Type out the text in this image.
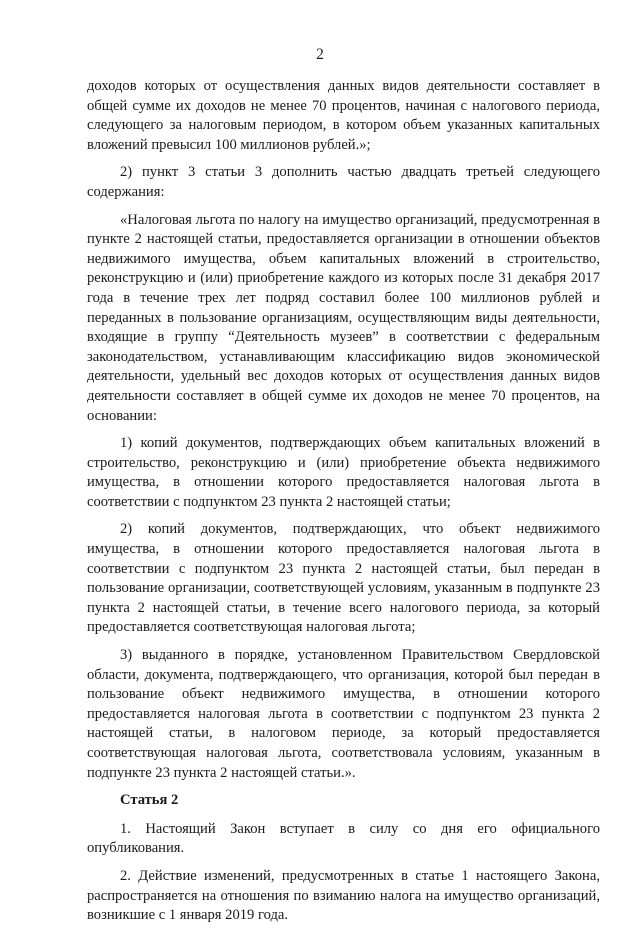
2

доходов которых от осуществления данных видов деятельности составляет в общей сумме их доходов не менее 70 процентов, начиная с налогового периода, следующего за налоговым периодом, в котором объем указанных капитальных вложений превысил 100 миллионов рублей.»;

2) пункт 3 статьи 3 дополнить частью двадцать третьей следующего содержания:

«Налоговая льгота по налогу на имущество организаций, предусмотренная в пункте 2 настоящей статьи, предоставляется организации в отношении объектов недвижимого имущества, объем капитальных вложений в строительство, реконструкцию и (или) приобретение каждого из которых после 31 декабря 2017 года в течение трех лет подряд составил более 100 миллионов рублей и переданных в пользование организациям, осуществляющим виды деятельности, входящие в группу “Деятельность музеев” в соответствии с федеральным законодательством, устанавливающим классификацию видов экономической деятельности, удельный вес доходов которых от осуществления данных видов деятельности составляет в общей сумме их доходов не менее 70 процентов, на основании:

1) копий документов, подтверждающих объем капитальных вложений в строительство, реконструкцию и (или) приобретение объекта недвижимого имущества, в отношении которого предоставляется налоговая льгота в соответствии с подпунктом 23 пункта 2 настоящей статьи;

2) копий документов, подтверждающих, что объект недвижимого имущества, в отношении которого предоставляется налоговая льгота в соответствии с подпунктом 23 пункта 2 настоящей статьи, был передан в пользование организации, соответствующей условиям, указанным в подпункте 23 пункта 2 настоящей статьи, в течение всего налогового периода, за который предоставляется соответствующая налоговая льгота;

3) выданного в порядке, установленном Правительством Свердловской области, документа, подтверждающего, что организация, которой был передан в пользование объект недвижимого имущества, в отношении которого предоставляется налоговая льгота в соответствии с подпунктом 23 пункта 2 настоящей статьи, в налоговом периоде, за который предоставляется соответствующая налоговая льгота, соответствовала условиям, указанным в подпункте 23 пункта 2 настоящей статьи.».

Статья 2

1. Настоящий Закон вступает в силу со дня его официального опубликования.

2. Действие изменений, предусмотренных в статье 1 настоящего Закона, распространяется на отношения по взиманию налога на имущество организаций, возникшие с 1 января 2019 года.
